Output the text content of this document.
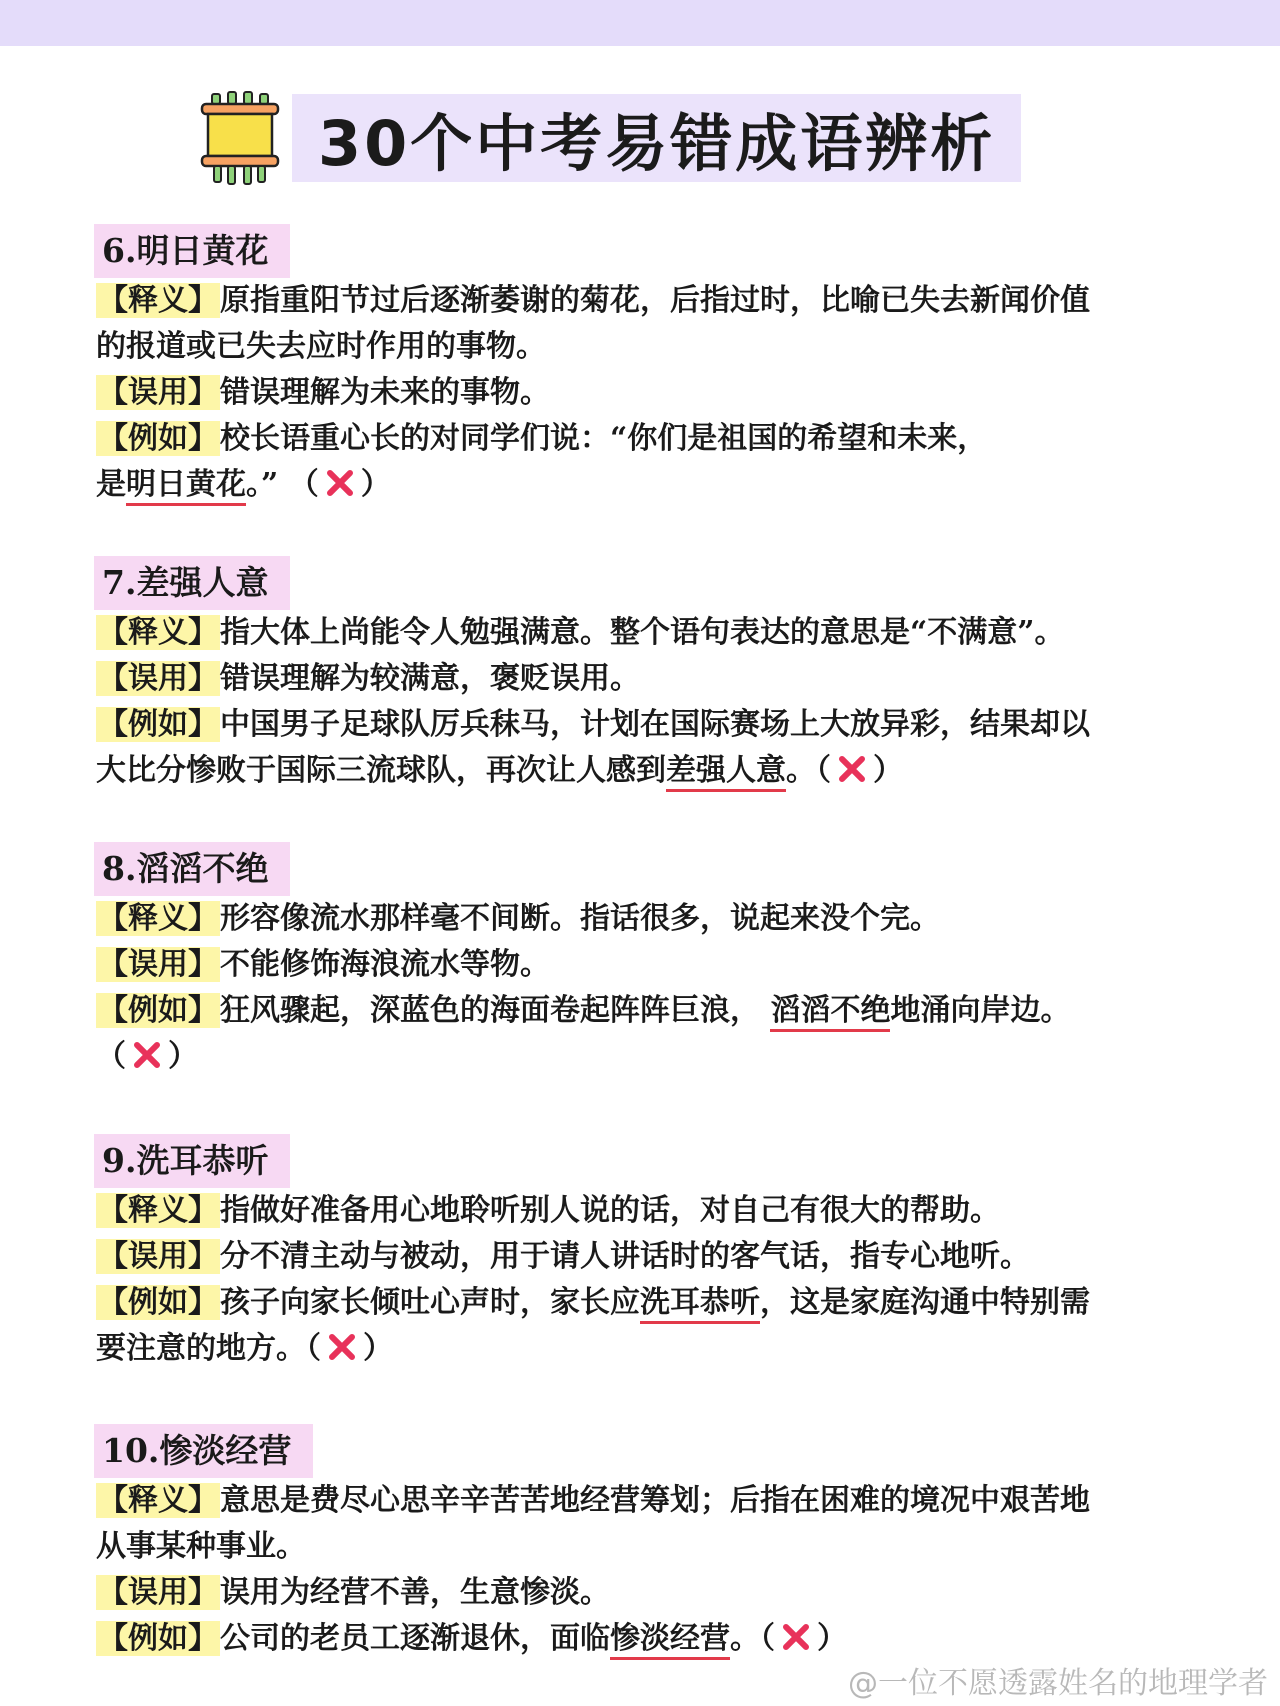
30个中考易错成语辨析
6.明日黄花

【释义】原指重阳节过后逐渐萎谢的菊花，后指过时，比喻已失去新闻价值

的报道或已失去应时作用的事物。

【误用】错误理解为未来的事物。

【例如】校长语重心长的对同学们说：“你们是祖国的希望和未来，

是明日黄花。” （ ）

7.差强人意

【释义】指大体上尚能令人勉强满意。整个语句表达的意思是“不满意”。

【误用】错误理解为较满意，褒贬误用。

【例如】中国男子足球队厉兵秣马，计划在国际赛场上大放异彩，结果却以

大比分惨败于国际三流球队，再次让人感到差强人意。（ ）

8.滔滔不绝

【释义】形容像流水那样毫不间断。指话很多，说起来没个完。

【误用】不能修饰海浪流水等物。

【例如】狂风骤起，深蓝色的海面卷起阵阵巨浪， 滔滔不绝地涌向岸边。

（ ）

9.洗耳恭听

【释义】指做好准备用心地聆听别人说的话，对自己有很大的帮助。

【误用】分不清主动与被动，用于请人讲话时的客气话，指专心地听。

【例如】孩子向家长倾吐心声时，家长应洗耳恭听，这是家庭沟通中特别需

要注意的地方。（ ）

10.惨淡经营

【释义】意思是费尽心思辛辛苦苦地经营筹划；后指在困难的境况中艰苦地

从事某种事业。

【误用】误用为经营不善，生意惨淡。

【例如】公司的老员工逐渐退休，面临惨淡经营。（ ）

@一位不愿透露姓名的地理学者
